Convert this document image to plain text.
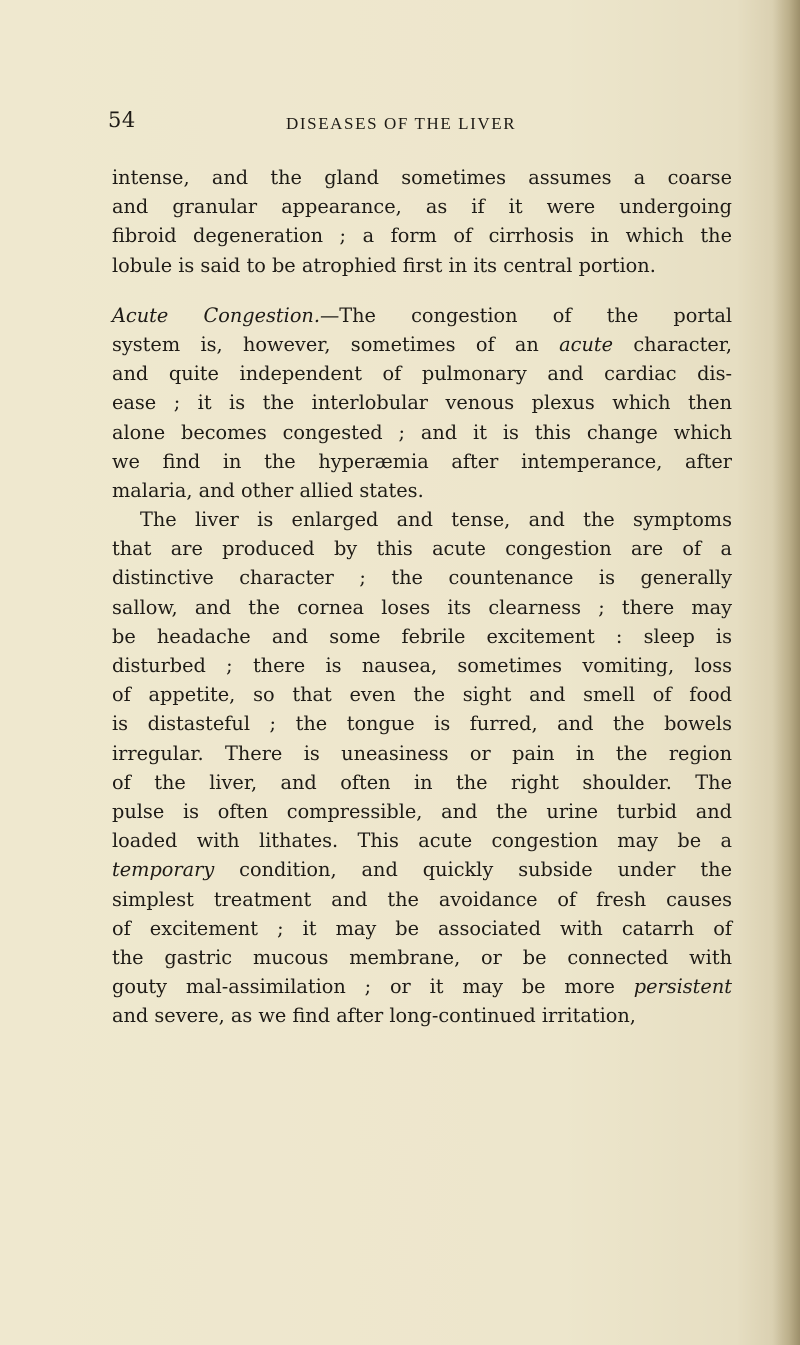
54	DISEASES OF THE LIVER
intense, and the gland sometimes assumes a coarse
and granular appearance, as if it were undergoing
fibroid degeneration ; a form of cirrhosis in which the
lobule is said to be atrophied first in its central portion.
Acute Congestion.—The congestion of the portal
system is, however, sometimes of an acute character,
and quite independent of pulmonary and cardiac dis-
ease ; it is the interlobular venous plexus which then
alone becomes congested ; and it is this change which
we find in the hyperæmia after intemperance, after
malaria, and other allied states.
The liver is enlarged and tense, and the symptoms
that are produced by this acute congestion are of a
distinctive character ; the countenance is generally
sallow, and the cornea loses its clearness ; there may
be headache and some febrile excitement : sleep is
disturbed ; there is nausea, sometimes vomiting, loss
of appetite, so that even the sight and smell of food
is distasteful ; the tongue is furred, and the bowels
irregular. There is uneasiness or pain in the region
of the liver, and often in the right shoulder. The
pulse is often compressible, and the urine turbid and
loaded with lithates. This acute congestion may be a
temporary condition, and quickly subside under the
simplest treatment and the avoidance of fresh causes
of excitement ; it may be associated with catarrh of
the gastric mucous membrane, or be connected with
gouty mal-assimilation ; or it may be more persistent
and severe, as we find after long-continued irritation,
